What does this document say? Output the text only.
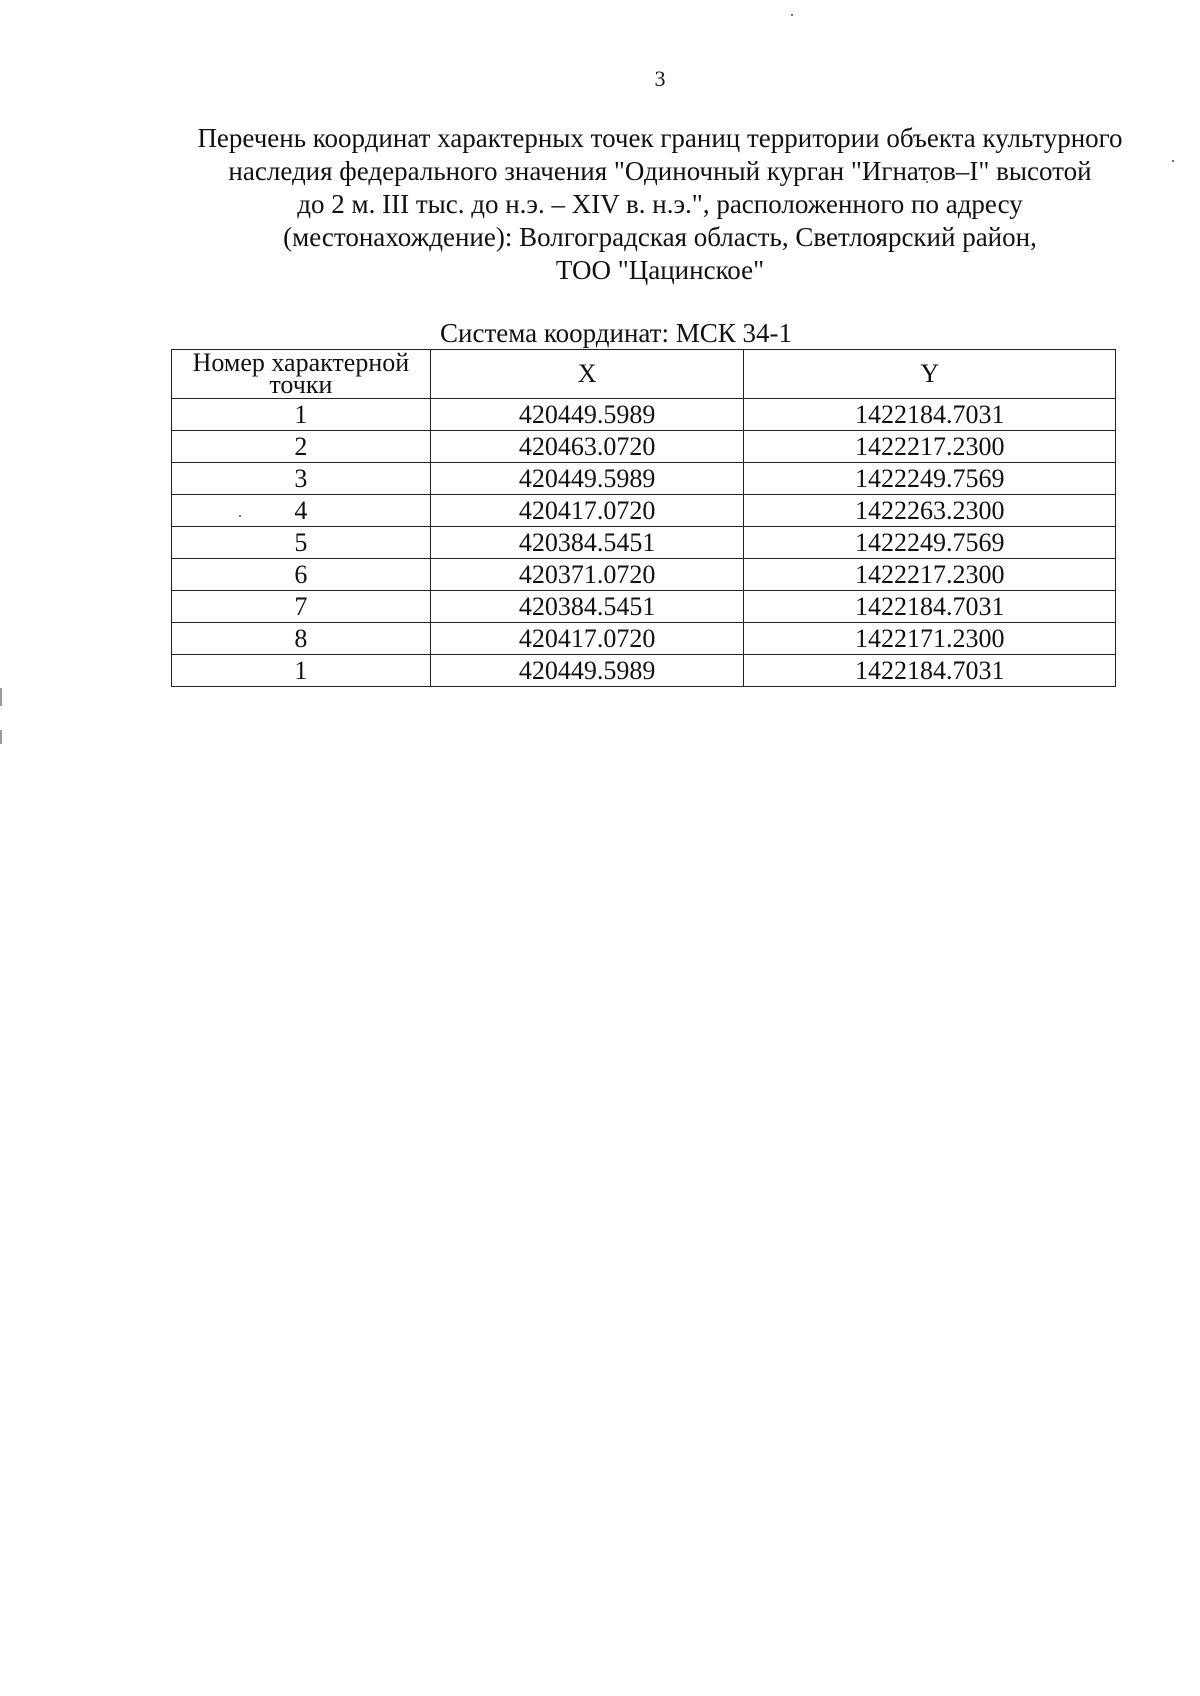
3
Перечень координат характерных точек границ территории объекта культурного
наследия федерального значения "Одиночный курган "Игнатов–I" высотой
до 2 м. III тыс. до н.э. – XIV в. н.э.", расположенного по адресу
(местонахождение): Волгоградская область, Светлоярский район,
ТОО "Цацинское"
Система координат: МСК 34-1
Номер характерной
точки	X	Y
1	420449.5989	1422184.7031
2	420463.0720	1422217.2300
3	420449.5989	1422249.7569
4	420417.0720	1422263.2300
5	420384.5451	1422249.7569
6	420371.0720	1422217.2300
7	420384.5451	1422184.7031
8	420417.0720	1422171.2300
1	420449.5989	1422184.7031
